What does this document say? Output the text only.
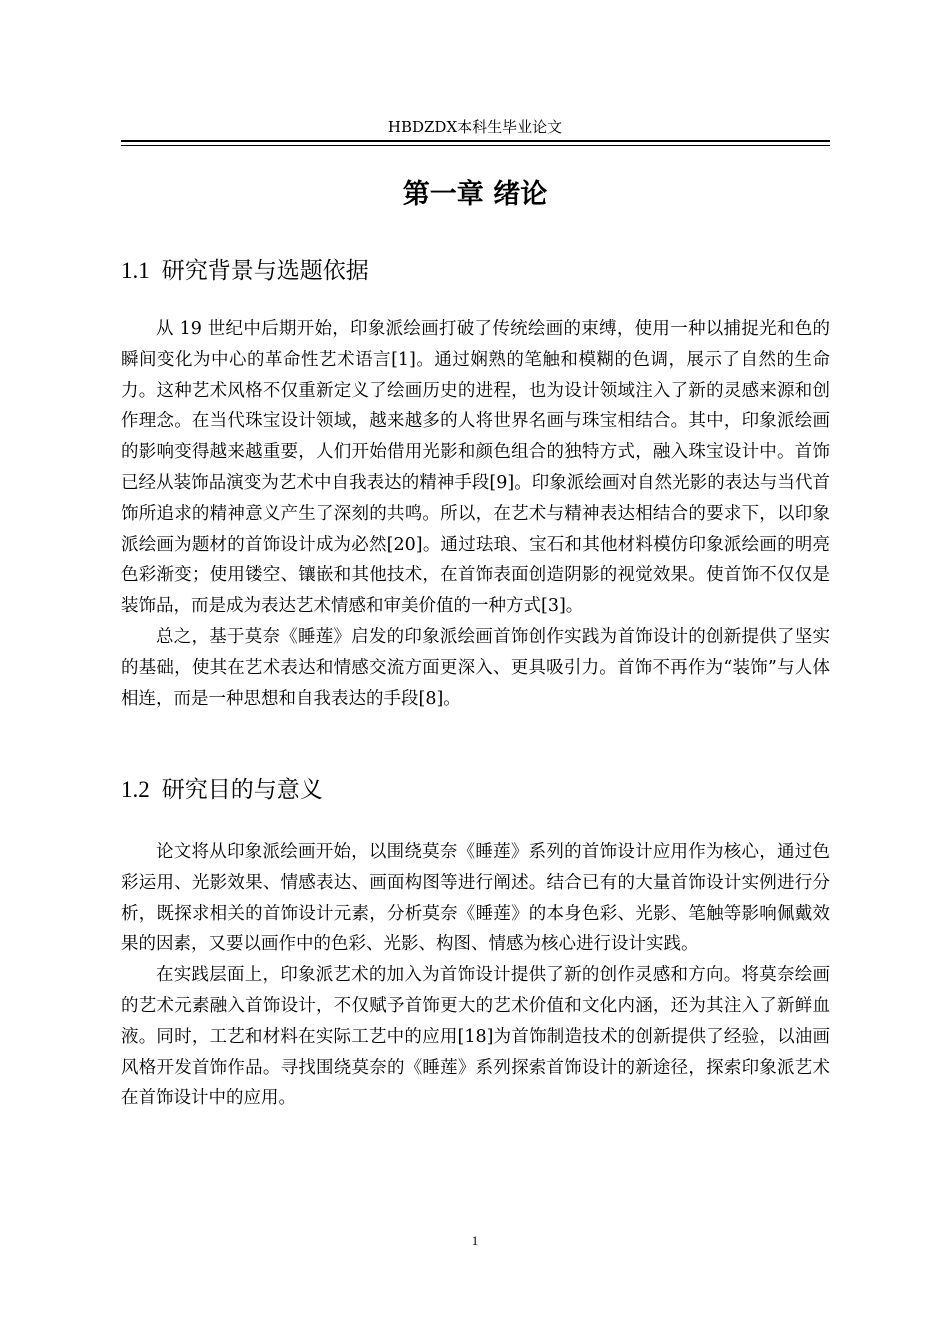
HBDZDX本科生毕业论文
第一章 绪论
1.1 研究背景与选题依据

从 19 世纪中后期开始，印象派绘画打破了传统绘画的束缚，使用一种以捕捉光和色的瞬间变化为中心的革命性艺术语言[1]。通过娴熟的笔触和模糊的色调，展示了自然的生命力。这种艺术风格不仅重新定义了绘画历史的进程，也为设计领域注入了新的灵感来源和创作理念。在当代珠宝设计领域，越来越多的人将世界名画与珠宝相结合。其中，印象派绘画的影响变得越来越重要，人们开始借用光影和颜色组合的独特方式，融入珠宝设计中。首饰已经从装饰品演变为艺术中自我表达的精神手段[9]。印象派绘画对自然光影的表达与当代首饰所追求的精神意义产生了深刻的共鸣。所以，在艺术与精神表达相结合的要求下，以印象派绘画为题材的首饰设计成为必然[20]。通过珐琅、宝石和其他材料模仿印象派绘画的明亮色彩渐变；使用镂空、镶嵌和其他技术，在首饰表面创造阴影的视觉效果。使首饰不仅仅是装饰品，而是成为表达艺术情感和审美价值的一种方式[3]。

总之，基于莫奈《睡莲》启发的印象派绘画首饰创作实践为首饰设计的创新提供了坚实的基础，使其在艺术表达和情感交流方面更深入、更具吸引力。首饰不再作为“装饰”与人体相连，而是一种思想和自我表达的手段[8]。

1.2 研究目的与意义

论文将从印象派绘画开始，以围绕莫奈《睡莲》系列的首饰设计应用作为核心，通过色彩运用、光影效果、情感表达、画面构图等进行阐述。结合已有的大量首饰设计实例进行分析，既探求相关的首饰设计元素，分析莫奈《睡莲》的本身色彩、光影、笔触等影响佩戴效果的因素，又要以画作中的色彩、光影、构图、情感为核心进行设计实践。

在实践层面上，印象派艺术的加入为首饰设计提供了新的创作灵感和方向。将莫奈绘画的艺术元素融入首饰设计，不仅赋予首饰更大的艺术价值和文化内涵，还为其注入了新鲜血液。同时，工艺和材料在实际工艺中的应用[18]为首饰制造技术的创新提供了经验，以油画风格开发首饰作品。寻找围绕莫奈的《睡莲》系列探索首饰设计的新途径，探索印象派艺术在首饰设计中的应用。

1
